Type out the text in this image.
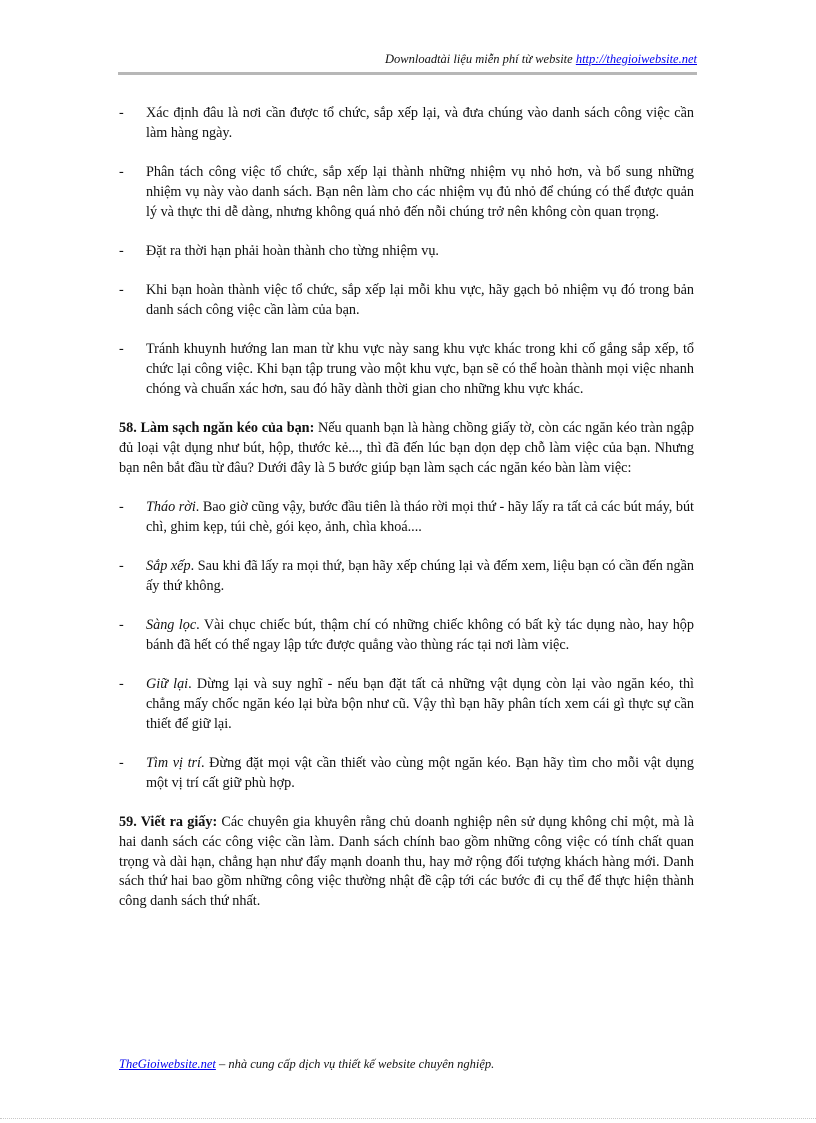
Downloadtài liệu miễn phí từ website http://thegioiwebsite.net
- Xác định đâu là nơi cần được tổ chức, sắp xếp lại, và đưa chúng vào danh sách công việc cần làm hàng ngày.
- Phân tách công việc tổ chức, sắp xếp lại thành những nhiệm vụ nhỏ hơn, và bổ sung những nhiệm vụ này vào danh sách. Bạn nên làm cho các nhiệm vụ đủ nhỏ để chúng có thể được quản lý và thực thi dễ dàng, nhưng không quá nhỏ đến nỗi chúng trở nên không còn quan trọng.
- Đặt ra thời hạn phải hoàn thành cho từng nhiệm vụ.
- Khi bạn hoàn thành việc tổ chức, sắp xếp lại mỗi khu vực, hãy gạch bỏ nhiệm vụ đó trong bản danh sách công việc cần làm của bạn.
- Tránh khuynh hướng lan man từ khu vực này sang khu vực khác trong khi cố gắng sắp xếp, tổ chức lại công việc. Khi bạn tập trung vào một khu vực, bạn sẽ có thể hoàn thành mọi việc nhanh chóng và chuẩn xác hơn, sau đó hãy dành thời gian cho những khu vực khác.

58. Làm sạch ngăn kéo của bạn: Nếu quanh bạn là hàng chồng giấy tờ, còn các ngăn kéo tràn ngập đủ loại vật dụng như bút, hộp, thước kẻ..., thì đã đến lúc bạn dọn dẹp chỗ làm việc của bạn. Nhưng bạn nên bắt đầu từ đâu? Dưới đây là 5 bước giúp bạn làm sạch các ngăn kéo bàn làm việc:

- Tháo rời. Bao giờ cũng vậy, bước đầu tiên là tháo rời mọi thứ - hãy lấy ra tất cả các bút máy, bút chì, ghim kẹp, túi chè, gói kẹo, ảnh, chìa khoá....
- Sắp xếp. Sau khi đã lấy ra mọi thứ, bạn hãy xếp chúng lại và đếm xem, liệu bạn có cần đến ngần ấy thứ không.
- Sàng lọc. Vài chục chiếc bút, thậm chí có những chiếc không có bất kỳ tác dụng nào, hay hộp bánh đã hết có thể ngay lập tức được quẳng vào thùng rác tại nơi làm việc.
- Giữ lại. Dừng lại và suy nghĩ - nếu bạn đặt tất cả những vật dụng còn lại vào ngăn kéo, thì chẳng mấy chốc ngăn kéo lại bừa bộn như cũ. Vậy thì bạn hãy phân tích xem cái gì thực sự cần thiết để giữ lại.
- Tìm vị trí. Đừng đặt mọi vật cần thiết vào cùng một ngăn kéo. Bạn hãy tìm cho mỗi vật dụng một vị trí cất giữ phù hợp.

59. Viết ra giấy: Các chuyên gia khuyên rằng chủ doanh nghiệp nên sử dụng không chỉ một, mà là hai danh sách các công việc cần làm. Danh sách chính bao gồm những công việc có tính chất quan trọng và dài hạn, chẳng hạn như đẩy mạnh doanh thu, hay mở rộng đối tượng khách hàng mới. Danh sách thứ hai bao gồm những công việc thường nhật đề cập tới các bước đi cụ thể để thực hiện thành công danh sách thứ nhất.

TheGioiwebsite.net – nhà cung cấp dịch vụ thiết kế website chuyên nghiệp.
